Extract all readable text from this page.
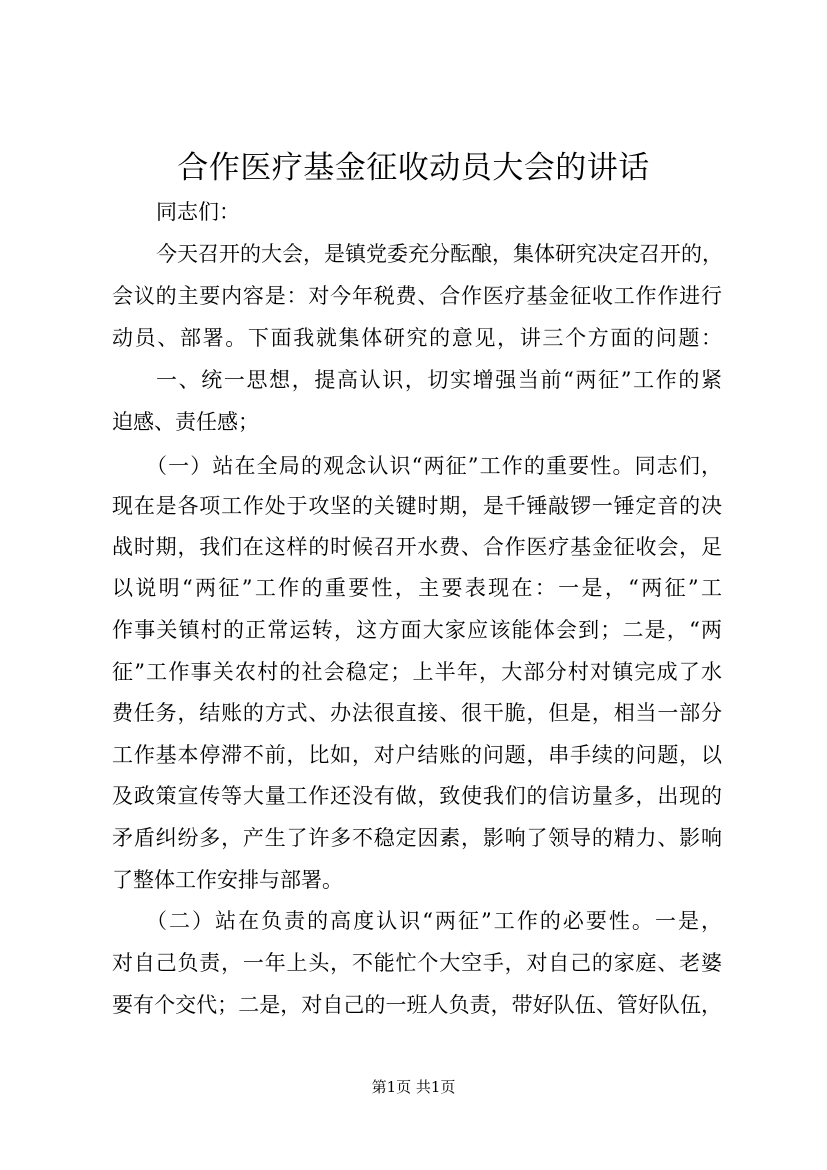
合作医疗基金征收动员大会的讲话

同志们：

今天召开的大会，是镇党委充分酝酿，集体研究决定召开的，

会议的主要内容是：对今年税费、合作医疗基金征收工作作进行

动员、部署。下面我就集体研究的意见，讲三个方面的问题：

一、统一思想，提高认识，切实增强当前“两征”工作的紧

迫感、责任感；

（一）站在全局的观念认识“两征”工作的重要性。同志们，

现在是各项工作处于攻坚的关键时期，是千锤敲锣一锤定音的决

战时期，我们在这样的时候召开水费、合作医疗基金征收会，足

以说明“两征”工作的重要性，主要表现在：一是，“两征”工

作事关镇村的正常运转，这方面大家应该能体会到；二是，“两

征”工作事关农村的社会稳定；上半年，大部分村对镇完成了水

费任务，结账的方式、办法很直接、很干脆，但是，相当一部分

工作基本停滞不前，比如，对户结账的问题，串手续的问题，以

及政策宣传等大量工作还没有做，致使我们的信访量多，出现的

矛盾纠纷多，产生了许多不稳定因素，影响了领导的精力、影响

了整体工作安排与部署。

（二）站在负责的高度认识“两征”工作的必要性。一是，

对自己负责，一年上头，不能忙个大空手，对自己的家庭、老婆

要有个交代；二是，对自己的一班人负责，带好队伍、管好队伍，

第1页 共1页
